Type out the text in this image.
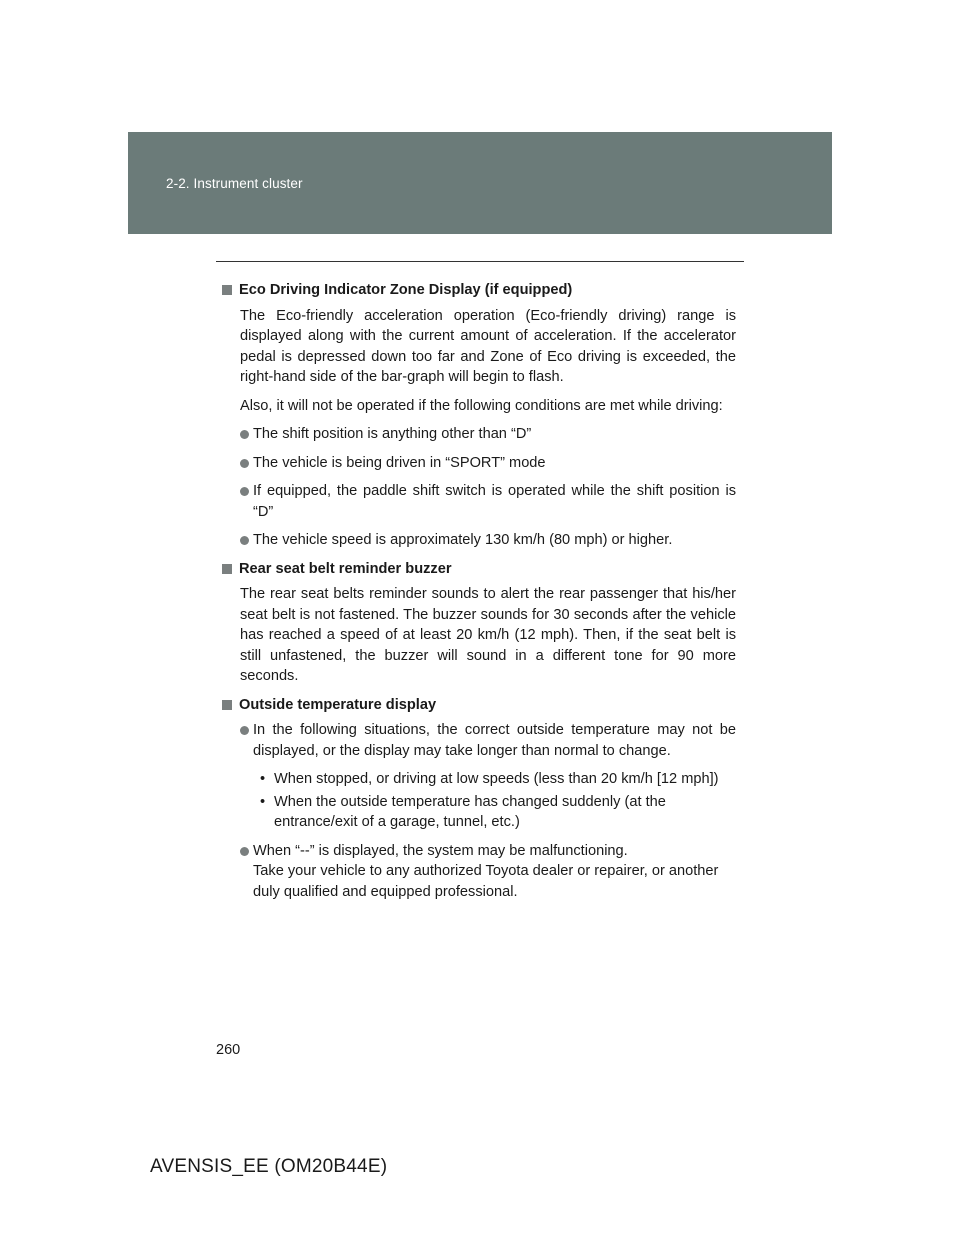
2-2. Instrument cluster
Eco Driving Indicator Zone Display (if equipped)
The Eco-friendly acceleration operation (Eco-friendly driving) range is displayed along with the current amount of acceleration. If the accelerator pedal is depressed down too far and Zone of Eco driving is exceeded, the right-hand side of the bar-graph will begin to flash.
Also, it will not be operated if the following conditions are met while driving:
The shift position is anything other than “D”
The vehicle is being driven in “SPORT” mode
If equipped, the paddle shift switch is operated while the shift position is “D”
The vehicle speed is approximately 130 km/h (80 mph) or higher.
Rear seat belt reminder buzzer
The rear seat belts reminder sounds to alert the rear passenger that his/her seat belt is not fastened. The buzzer sounds for 30 seconds after the vehicle has reached a speed of at least 20 km/h (12 mph). Then, if the seat belt is still unfastened, the buzzer will sound in a different tone for 90 more seconds.
Outside temperature display
In the following situations, the correct outside temperature may not be displayed, or the display may take longer than normal to change.
• When stopped, or driving at low speeds (less than 20 km/h [12 mph])
• When the outside temperature has changed suddenly (at the entrance/exit of a garage, tunnel, etc.)
When “--” is displayed, the system may be malfunctioning.
Take your vehicle to any authorized Toyota dealer or repairer, or another duly qualified and equipped professional.
260
AVENSIS_EE (OM20B44E)
